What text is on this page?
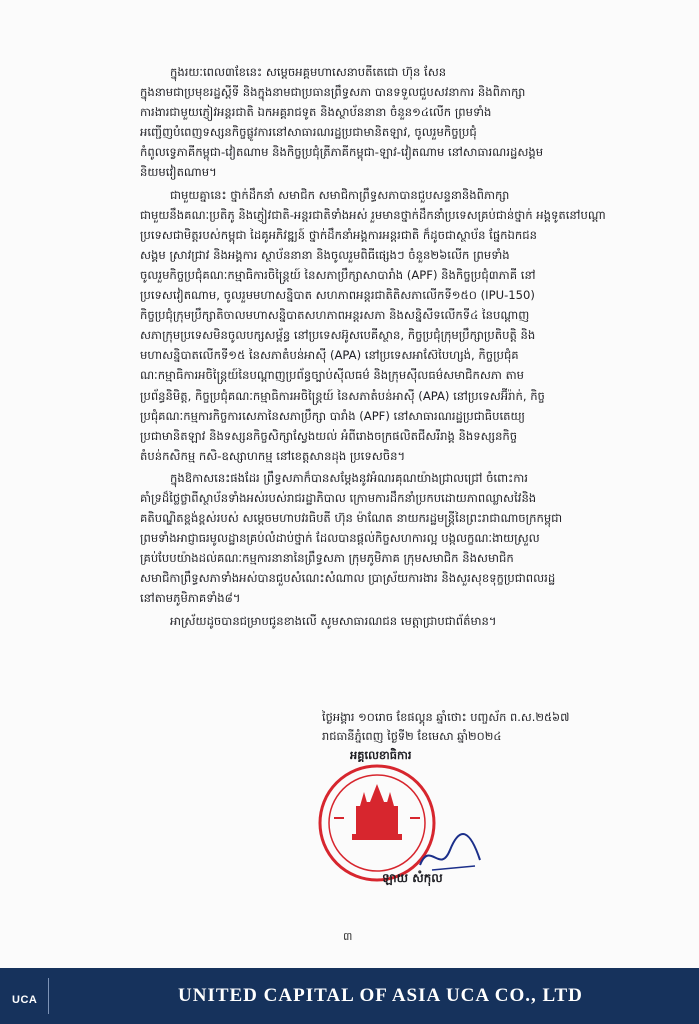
ក្នុងរយៈពេល៣ខែនេះ សម្តេចអគ្គមហាសេនាបតីតេជោ ហ៊ុន សែន
ក្នុងនាមជាប្រមុខរដ្ឋស្តីទី និងក្នុងនាមជាប្រធានព្រឹទ្ធសភា បានទទួលជួបសវនាការ និងពិភាក្សា
ការងារជាមួយភ្ញៀវអន្តរជាតិ ឯកអគ្គរាជទូត និងស្ថាប័ននានា ចំនួន១៤លើក ព្រមទាំង
អញ្ជើញបំពេញទស្សនកិច្ចផ្លូវការនៅសាធារណរដ្ឋប្រជាមានិតឡាវ, ចូលរួមកិច្ចប្រជុំ
កំពូលទ្វេភាគីកម្ពុជា-វៀតណាម និងកិច្ចប្រជុំត្រីភាគីកម្ពុជា-ឡាវ-វៀតណាម នៅសាធារណរដ្ឋសង្គម
និយមវៀតណាម។
ជាមួយគ្នានេះ ថ្នាក់ដឹកនាំ សមាជិក សមាជិកាព្រឹទ្ធសភាបានជួបសន្ទនានិងពិភាក្សា
ជាមួយនឹងគណៈប្រតិភូ និងភ្ញៀវជាតិ-អន្តរជាតិទាំងអស់ រួមមានថ្នាក់ដឹកនាំប្រទេសគ្រប់ជាន់ថ្នាក់ អង្គទូតនៅបណ្តា
ប្រទេសជាមិត្តរបស់កម្ពុជា ដៃគូអភិវឌ្ឍន៍ ថ្នាក់ដឹកនាំអង្គការអន្តរជាតិ ក៏ដូចជាស្ថាប័ន ផ្នែកឯកជន
សង្គម ស្រាវជ្រាវ និងអង្គការ ស្ថាប័ននានា និងចូលរួមពិធីផ្សេងៗ ចំនួន២៦លើក ព្រមទាំង
ចូលរួមកិច្ចប្រជុំគណៈកម្មាធិការចិន្ត្រៃយ៍ នៃសភាប្រឹក្សាសាបារាំង (APF) និងកិច្ចប្រជុំ៣ភាគី នៅ
ប្រទេសវៀតណាម, ចូលរួមមហាសន្និបាត សហភាពអន្តរជាតិតិសភាលើកទី១៥០ (IPU-150)
កិច្ចប្រជុំក្រុមប្រឹក្សាតិចាលមហាសន្និបាតសហភាពអន្តរសភា និងសន្និសីទលើកទី៤ នៃបណ្តាញ
សភាក្រុមប្រទេសមិនចូលបក្សសម្ព័ន្ធ នៅប្រទេសអ៊ូសបេគីស្ថាន, កិច្ចប្រជុំក្រុមប្រឹក្សាប្រតិបត្តិ និង
មហាសន្និបាតលើកទី១៥ នៃសភាតំបន់អាស៊ី (APA) នៅប្រទេសអាស៊ែបៃហ្សង់, កិច្ចប្រជុំគ
ណៈកម្មាធិការអចិន្ត្រៃយ៍នៃបណ្តាញប្រព័ន្ធច្បាប់ស៊ីលធម៌ និងក្រុមស៊ីលធម៌សមាជិកសភា តាម
ប្រព័ន្ធនិមិត្ត, កិច្ចប្រជុំគណៈកម្មាធិការអចិន្ត្រៃយ៍ នៃសភាតំបន់អាស៊ី (APA) នៅប្រទេសអ៊ីរ៉ាក់, កិច្ច
ប្រជុំគណៈកម្មការកិច្ចការសេភានៃសភាប្រឹក្សា បារាំង (APF) នៅសាធារណរដ្ឋប្រជាធិបតេយ្យ
ប្រជាមានិតឡាវ និងទស្សនកិច្ចសិក្សាស្វែងយល់ អំពីរោងចក្រផលិតជីសរីរាង្គ និងទស្សនកិច្ច
តំបន់កសិកម្ម កសិ-ឧស្សាហកម្ម នៅខេត្តសានដុង ប្រទេសចិន។
ក្នុងឱកាសនេះផងដែរ ព្រឹទ្ធសភាក៏បានសម្តែងនូវអំណរគុណយ៉ាងជ្រាលជ្រៅ ចំពោះការ
គាំទ្រដ៏ថ្លៃថ្លាពីស្ថាប័នទាំងអស់របស់រាជរដ្ឋាភិបាល ក្រោមការដឹកនាំប្រកបដោយភាពឈ្លាសវៃនិង
គតិបណ្ឌិតខ្ពង់ខ្ពស់របស់ សម្តេចមហាបវរធិបតី ហ៊ុន ម៉ាណែត នាយករដ្ឋមន្ត្រីនៃព្រះរាជាណាចក្រកម្ពុជា
ព្រមទាំងអាជ្ញាធរមូលដ្ឋានគ្រប់លំដាប់ថ្នាក់ ដែលបានផ្តល់កិច្ចសហការល្អ បង្កលក្ខណៈងាយស្រួល
គ្រប់បែបយ៉ាងដល់គណៈកម្មការនានានៃព្រឹទ្ធសភា ក្រុមភូមិភាគ ក្រុមសមាជិក និងសមាជិក
សមាជិកាព្រឹទ្ធសភាទាំងអស់បានជួបសំណេះសំណាល ប្រាស្រ័យការងារ និងសួរសុខទុក្ខប្រជាពលរដ្ឋ
នៅតាមភូមិភាគទាំង៨។
អាស្រ័យដូចបានជម្រាបជូនខាងលើ សូមសាធារណជន មេត្តាជ្រាបជាព័ត៌មាន។
ថ្ងៃអង្គារ ១០រោច ខែផល្គុន ឆ្នាំថោះ បញ្ចស័ក ព.ស.២៥៦៧
រាជធានីភ្នំពេញ ថ្ងៃទី២ ខែមេសា ឆ្នាំ២០២៤
អគ្គលេខាធិការ
ឡាយ សំកុល
៣
UCA	UNITED CAPITAL OF ASIA UCA CO., LTD
